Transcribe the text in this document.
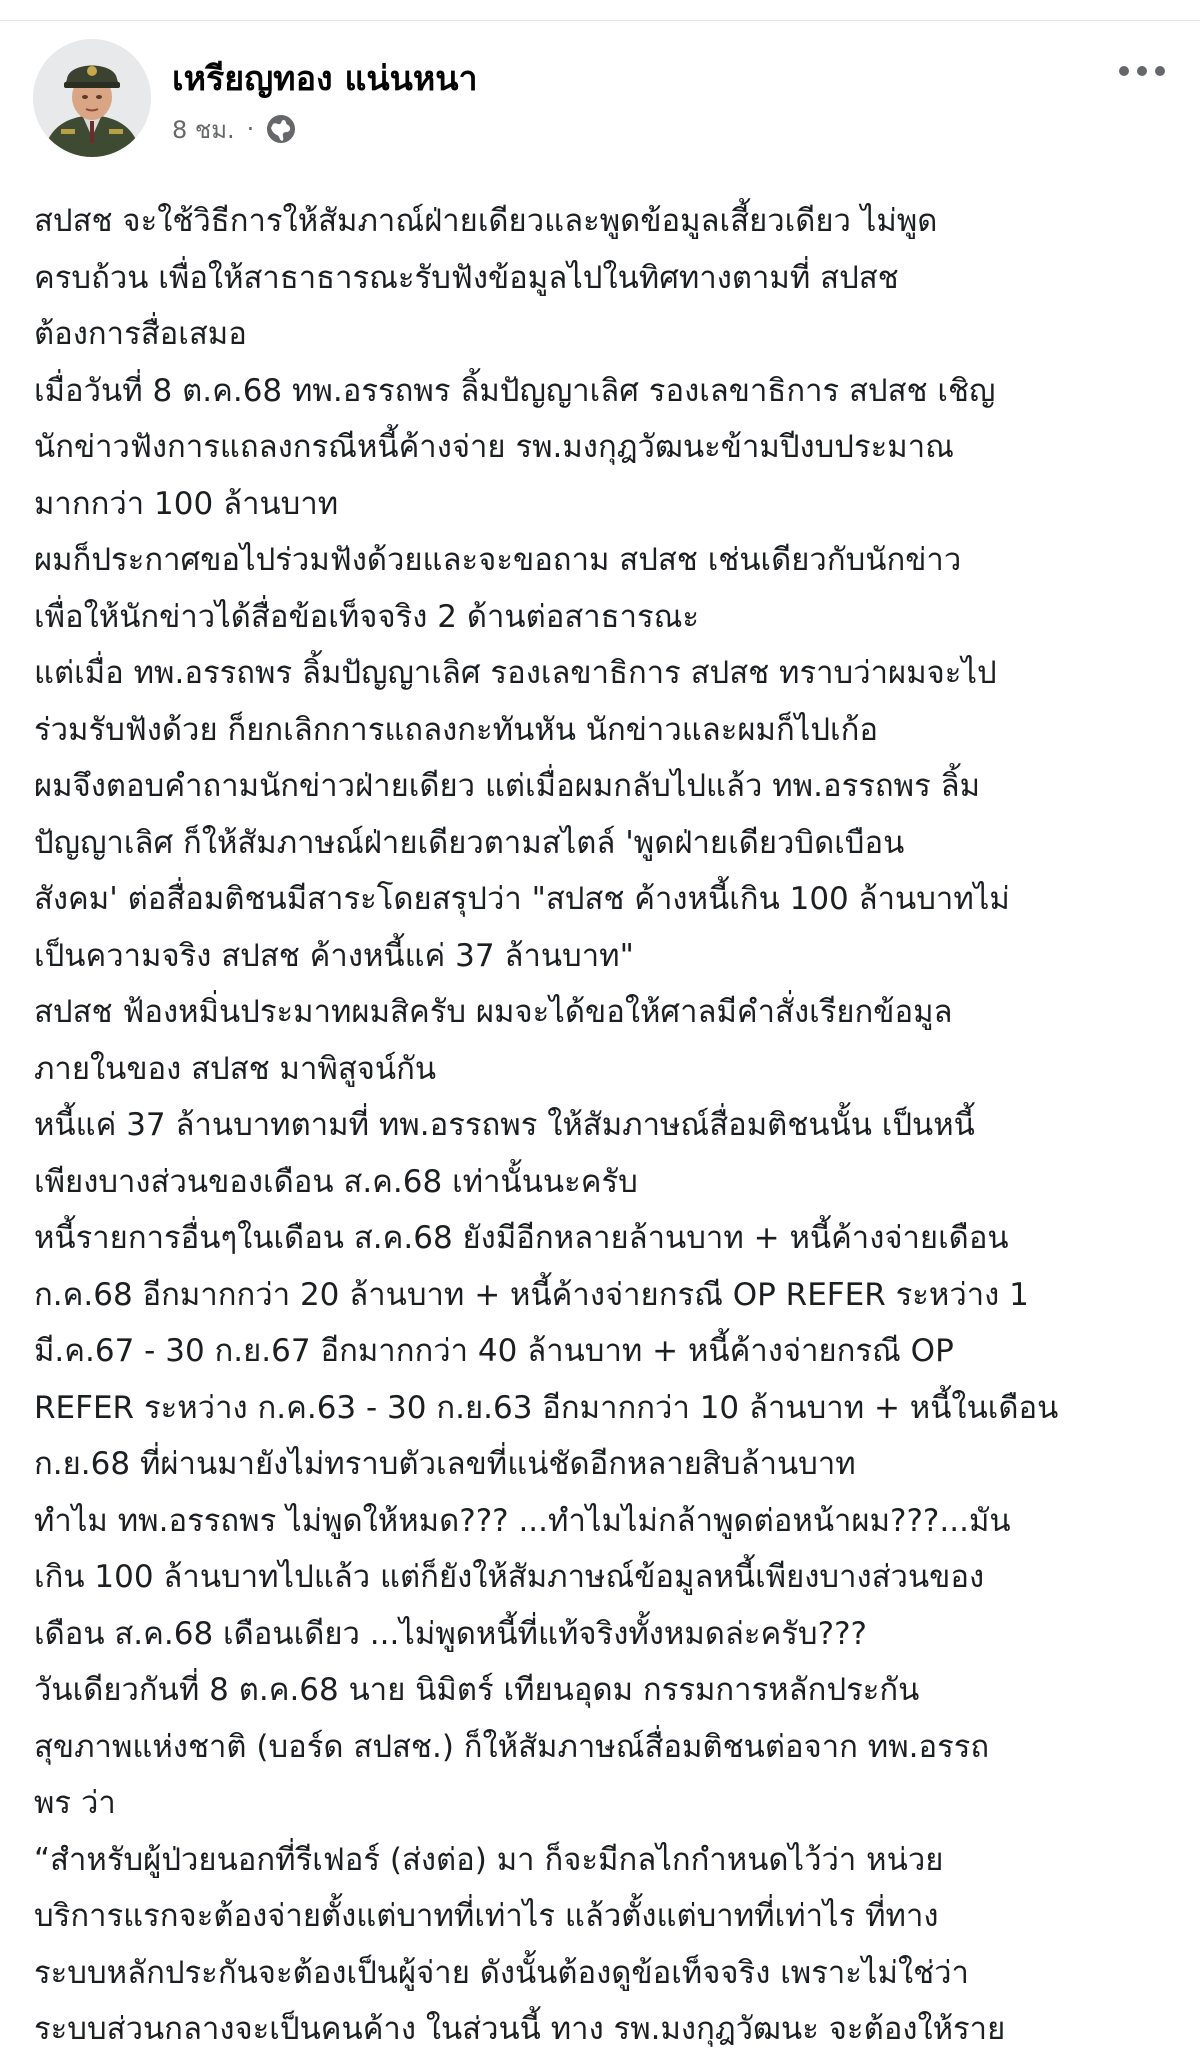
เหรียญทอง แน่นหนา
8 ชม. ·
สปสช จะใช้วิธีการให้สัมภาณ์ฝ่ายเดียวและพูดข้อมูลเสี้ยวเดียว ไม่พูด
ครบถ้วน เพื่อให้สาธาธารณะรับฟังข้อมูลไปในทิศทางตามที่ สปสช
ต้องการสื่อเสมอ
เมื่อวันที่ 8 ต.ค.68 ทพ.อรรถพร ลิ้มปัญญาเลิศ รองเลขาธิการ สปสช เชิญ
นักข่าวฟังการแถลงกรณีหนี้ค้างจ่าย รพ.มงกุฎวัฒนะข้ามปีงบประมาณ
มากกว่า 100 ล้านบาท
ผมก็ประกาศขอไปร่วมฟังด้วยและจะขอถาม สปสช เช่นเดียวกับนักข่าว
เพื่อให้นักข่าวได้สื่อข้อเท็จจริง 2 ด้านต่อสาธารณะ
แต่เมื่อ ทพ.อรรถพร ลิ้มปัญญาเลิศ รองเลขาธิการ สปสช ทราบว่าผมจะไป
ร่วมรับฟังด้วย ก็ยกเลิกการแถลงกะทันหัน นักข่าวและผมก็ไปเก้อ
ผมจึงตอบคำถามนักข่าวฝ่ายเดียว แต่เมื่อผมกลับไปแล้ว ทพ.อรรถพร ลิ้ม
ปัญญาเลิศ ก็ให้สัมภาษณ์ฝ่ายเดียวตามสไตล์ 'พูดฝ่ายเดียวบิดเบือน
สังคม' ต่อสื่อมติชนมีสาระโดยสรุปว่า "สปสช ค้างหนี้เกิน 100 ล้านบาทไม่
เป็นความจริง สปสช ค้างหนี้แค่ 37 ล้านบาท"
สปสช ฟ้องหมิ่นประมาทผมสิครับ ผมจะได้ขอให้ศาลมีคำสั่งเรียกข้อมูล
ภายในของ สปสช มาพิสูจน์กัน
หนี้แค่ 37 ล้านบาทตามที่ ทพ.อรรถพร ให้สัมภาษณ์สื่อมติชนนั้น เป็นหนี้
เพียงบางส่วนของเดือน ส.ค.68 เท่านั้นนะครับ
หนี้รายการอื่นๆในเดือน ส.ค.68 ยังมีอีกหลายล้านบาท + หนี้ค้างจ่ายเดือน
ก.ค.68 อีกมากกว่า 20 ล้านบาท + หนี้ค้างจ่ายกรณี OP REFER ระหว่าง 1
มี.ค.67 - 30 ก.ย.67 อีกมากกว่า 40 ล้านบาท + หนี้ค้างจ่ายกรณี OP
REFER ระหว่าง ก.ค.63 - 30 ก.ย.63 อีกมากกว่า 10 ล้านบาท + หนี้ในเดือน
ก.ย.68 ที่ผ่านมายังไม่ทราบตัวเลขที่แน่ชัดอีกหลายสิบล้านบาท
ทำไม ทพ.อรรถพร ไม่พูดให้หมด??? ...ทำไมไม่กล้าพูดต่อหน้าผม???...มัน
เกิน 100 ล้านบาทไปแล้ว แต่ก็ยังให้สัมภาษณ์ข้อมูลหนี้เพียงบางส่วนของ
เดือน ส.ค.68 เดือนเดียว ...ไม่พูดหนี้ที่แท้จริงทั้งหมดล่ะครับ???
วันเดียวกันที่ 8 ต.ค.68 นาย นิมิตร์ เทียนอุดม กรรมการหลักประกัน
สุขภาพแห่งชาติ (บอร์ด สปสช.) ก็ให้สัมภาษณ์สื่อมติชนต่อจาก ทพ.อรรถ
พร ว่า
“สำหรับผู้ป่วยนอกที่รีเฟอร์ (ส่งต่อ) มา ก็จะมีกลไกกำหนดไว้ว่า หน่วย
บริการแรกจะต้องจ่ายตั้งแต่บาทที่เท่าไร แล้วตั้งแต่บาทที่เท่าไร ที่ทาง
ระบบหลักประกันจะต้องเป็นผู้จ่าย ดังนั้นต้องดูข้อเท็จจริง เพราะไม่ใช่ว่า
ระบบส่วนกลางจะเป็นคนค้าง ในส่วนนี้ ทาง รพ.มงกุฎวัฒนะ จะต้องให้ราย
